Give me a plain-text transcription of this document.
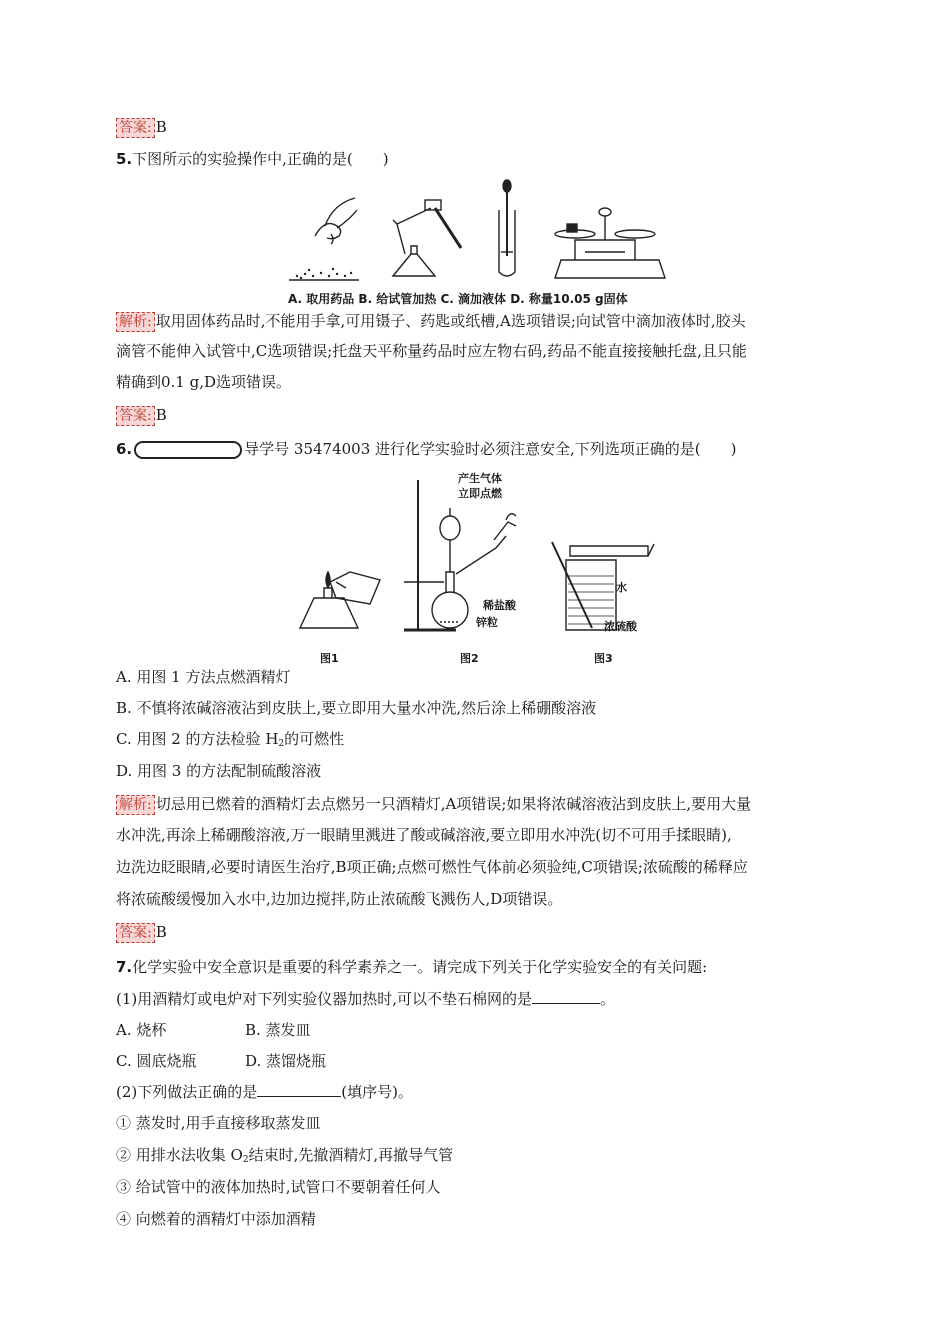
答案: B
5.下图所示的实验操作中,正确的是(　　)
A. 取用药品 B. 给试管加热 C. 滴加液体 D. 称量10.05 g固体
解析: 取用固体药品时,不能用手拿,可用镊子、药匙或纸槽,A选项错误;向试管中滴加液体时,胶头
滴管不能伸入试管中,C选项错误;托盘天平称量药品时应左物右码,药品不能直接接触托盘,且只能
精确到0.1 g,D选项错误。
答案: B
6.	导学号 35474003 进行化学实验时必须注意安全,下列选项正确的是(　　)
产生气体
立即点燃
稀盐酸
锌粒
水
浓硫酸
图1	图2	图3
A. 用图 1 方法点燃酒精灯
B. 不慎将浓碱溶液沾到皮肤上,要立即用大量水冲洗,然后涂上稀硼酸溶液
C. 用图 2 的方法检验 $H_2$的可燃性
D. 用图 3 的方法配制硫酸溶液
解析: 切忌用已燃着的酒精灯去点燃另一只酒精灯,A项错误;如果将浓碱溶液沾到皮肤上,要用大量
水冲洗,再涂上稀硼酸溶液,万一眼睛里溅进了酸或碱溶液,要立即用水冲洗(切不可用手揉眼睛),
边洗边眨眼睛,必要时请医生治疗,B项正确;点燃可燃性气体前必须验纯,C项错误;浓硫酸的稀释应
将浓硫酸缓慢加入水中,边加边搅拌,防止浓硫酸飞溅伤人,D项错误。
答案: B
7.化学实验中安全意识是重要的科学素养之一。请完成下列关于化学实验安全的有关问题:
(1)用酒精灯或电炉对下列实验仪器加热时,可以不垫石棉网的是	。
A. 烧杯	B. 蒸发皿
C. 圆底烧瓶	D. 蒸馏烧瓶
(2)下列做法正确的是	(填序号)。
① 蒸发时,用手直接移取蒸发皿
② 用排水法收集 $O_2$结束时,先撤酒精灯,再撤导气管
③ 给试管中的液体加热时,试管口不要朝着任何人
④ 向燃着的酒精灯中添加酒精
